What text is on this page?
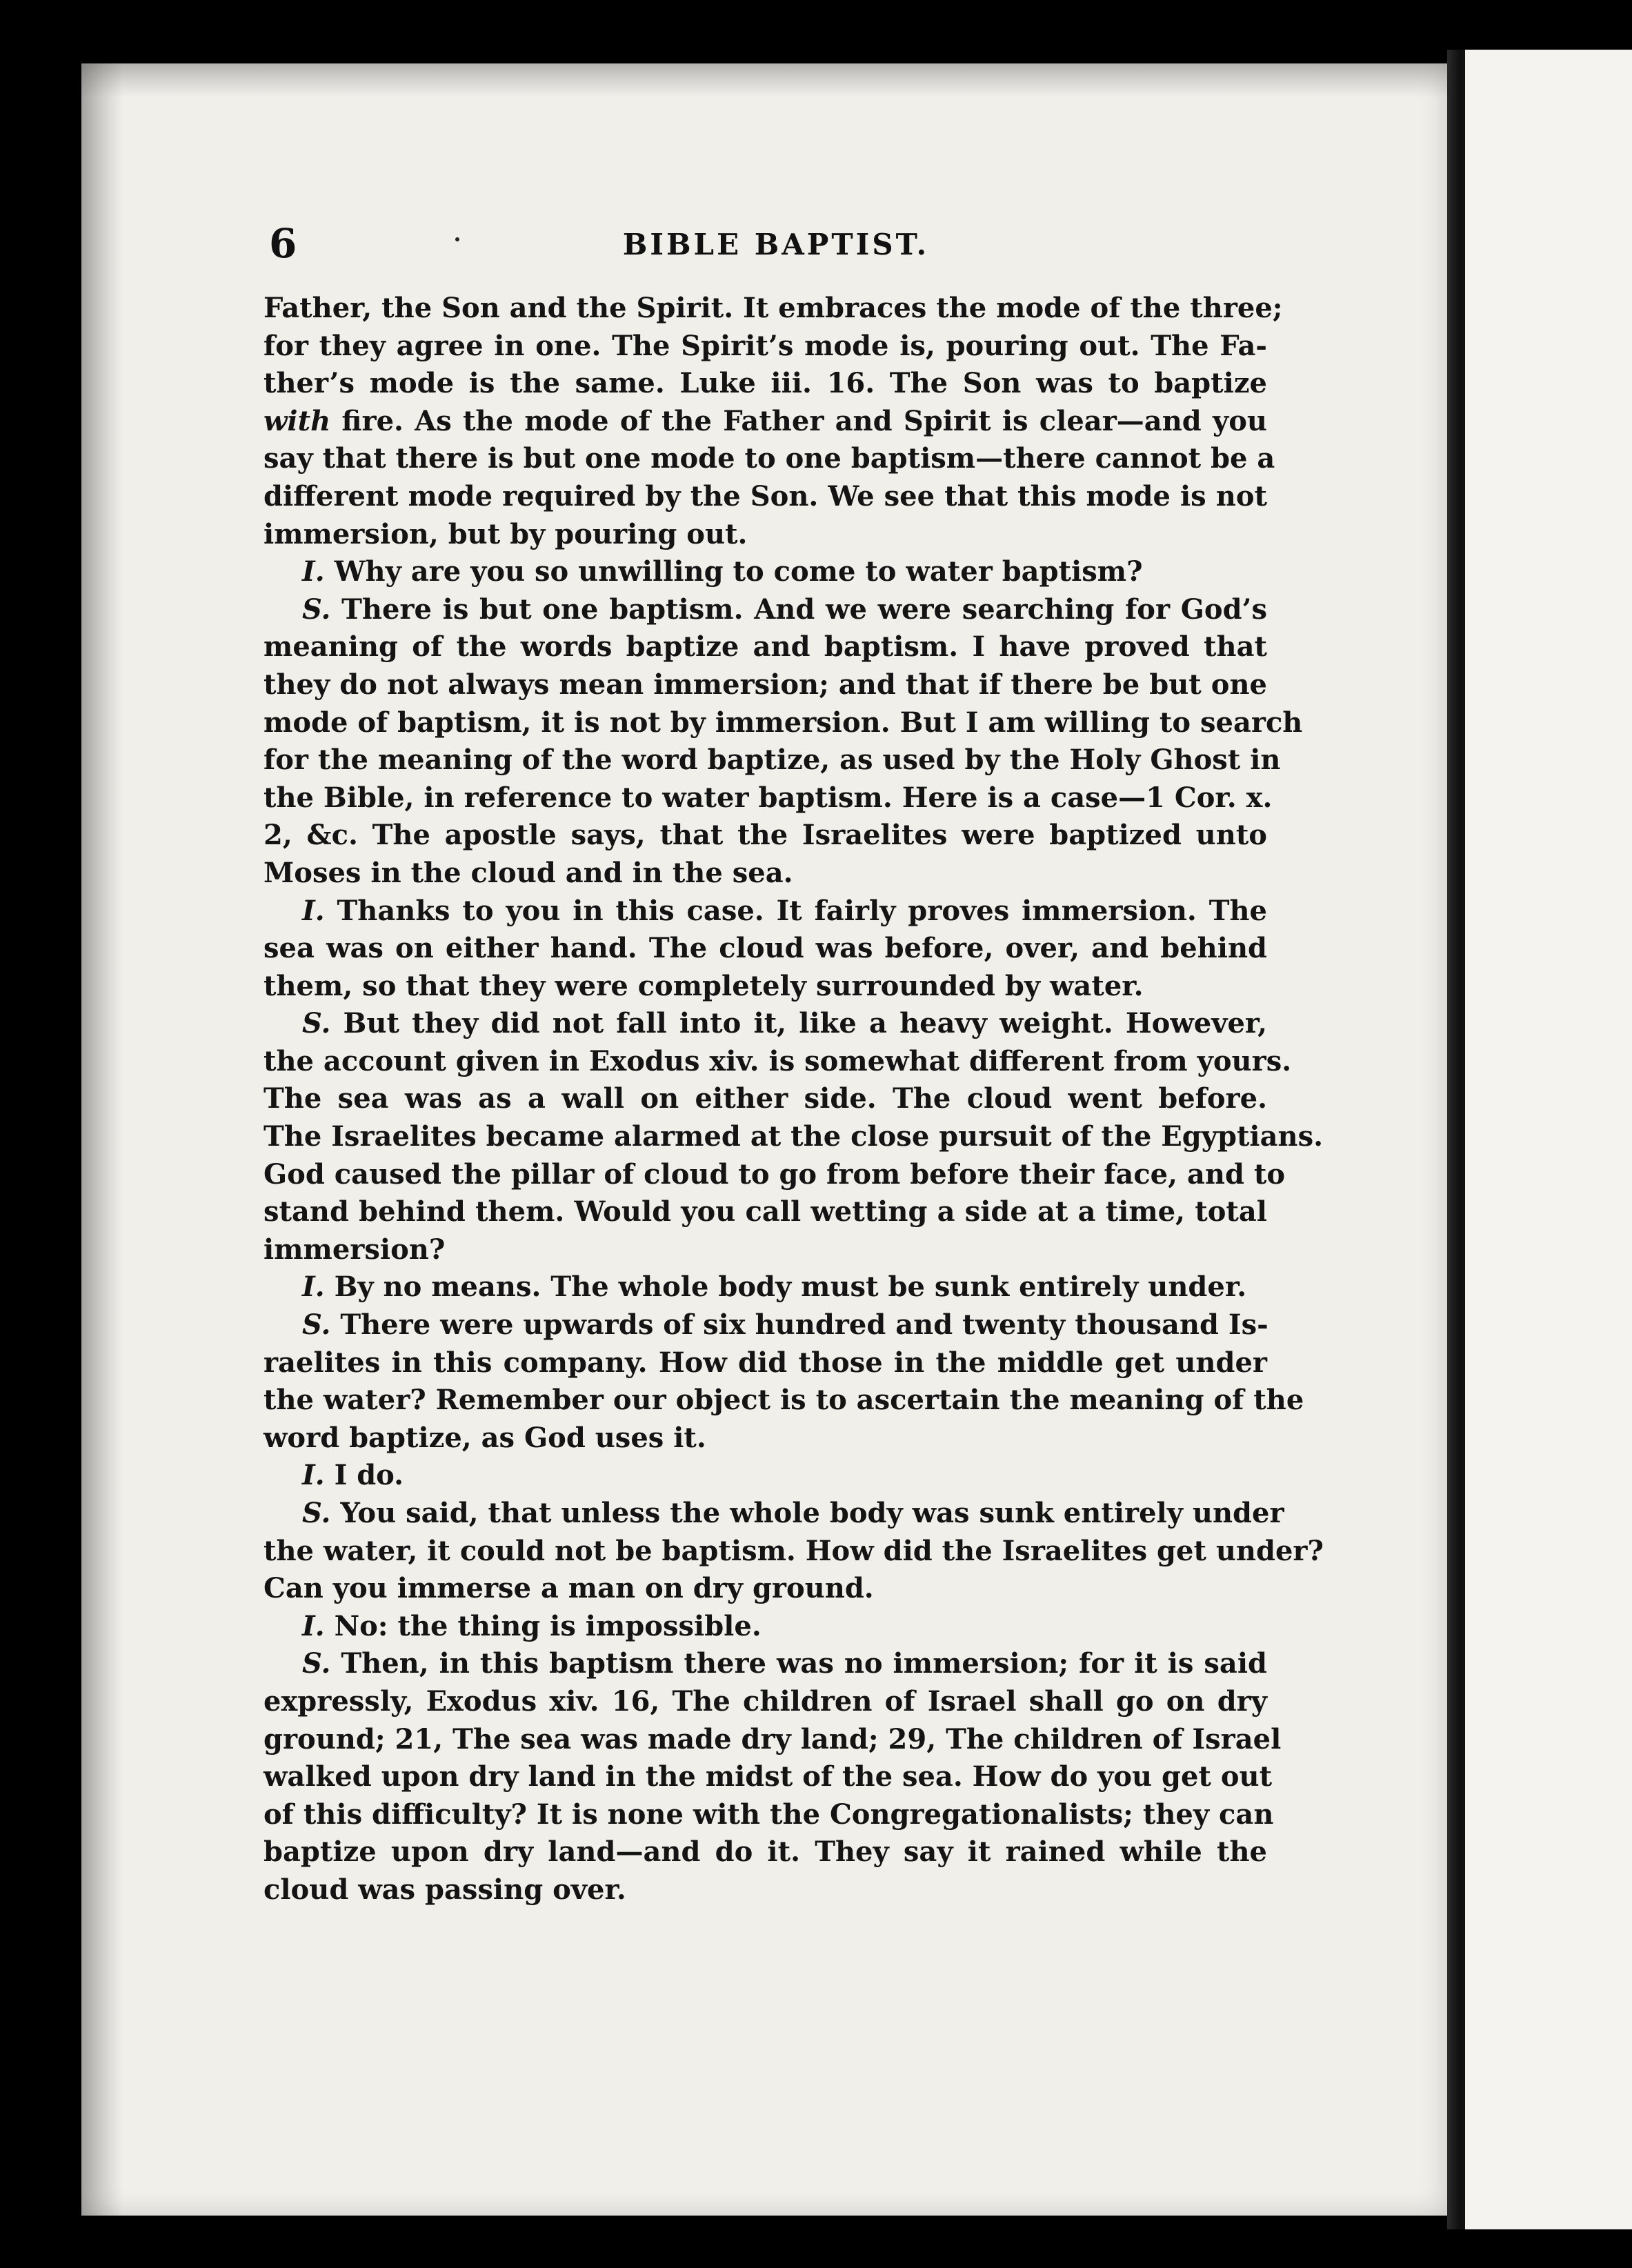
6	BIBLE BAPTIST.
Father, the Son and the Spirit. It embraces the mode of the three;
for they agree in one. The Spirit’s mode is, pouring out. The Fa-
ther’s mode is the same. Luke iii. 16. The Son was to baptize
with fire. As the mode of the Father and Spirit is clear—and you
say that there is but one mode to one baptism—there cannot be a
different mode required by the Son. We see that this mode is not
immersion, but by pouring out.
I. Why are you so unwilling to come to water baptism?
S. There is but one baptism. And we were searching for God’s
meaning of the words baptize and baptism. I have proved that
they do not always mean immersion; and that if there be but one
mode of baptism, it is not by immersion. But I am willing to search
for the meaning of the word baptize, as used by the Holy Ghost in
the Bible, in reference to water baptism. Here is a case—1 Cor. x.
2, &c. The apostle says, that the Israelites were baptized unto
Moses in the cloud and in the sea.
I. Thanks to you in this case. It fairly proves immersion. The
sea was on either hand. The cloud was before, over, and behind
them, so that they were completely surrounded by water.
S. But they did not fall into it, like a heavy weight. However,
the account given in Exodus xiv. is somewhat different from yours.
The sea was as a wall on either side. The cloud went before.
The Israelites became alarmed at the close pursuit of the Egyptians.
God caused the pillar of cloud to go from before their face, and to
stand behind them. Would you call wetting a side at a time, total
immersion?
I. By no means. The whole body must be sunk entirely under.
S. There were upwards of six hundred and twenty thousand Is-
raelites in this company. How did those in the middle get under
the water? Remember our object is to ascertain the meaning of the
word baptize, as God uses it.
I. I do.
S. You said, that unless the whole body was sunk entirely under
the water, it could not be baptism. How did the Israelites get under?
Can you immerse a man on dry ground.
I. No: the thing is impossible.
S. Then, in this baptism there was no immersion; for it is said
expressly, Exodus xiv. 16, The children of Israel shall go on dry
ground; 21, The sea was made dry land; 29, The children of Israel
walked upon dry land in the midst of the sea. How do you get out
of this difficulty? It is none with the Congregationalists; they can
baptize upon dry land—and do it. They say it rained while the
cloud was passing over.
